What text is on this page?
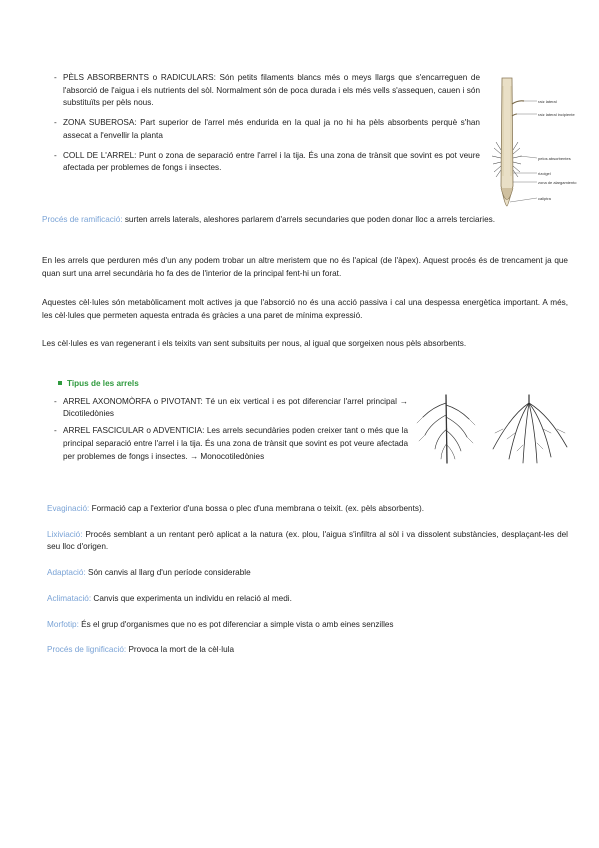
- PÈLS ABSORBERNTS o RADICULARS: Són petits filaments blancs més o meys llargs que s'encarreguen de l'absorció de l'aigua i els nutrients del sòl. Normalment són de poca durada i els més vells s'assequen, cauen i són substituïts per pèls nous.
- ZONA SUBEROSA: Part superior de l'arrel més endurida en la qual ja no hi ha pèls absorbents perquè s'han assecat a l'envellir la planta
- COLL DE L'ARREL: Punt o zona de separació entre l'arrel i la tija. És una zona de trànsit que sovint es pot veure afectada per problemes de fongs i insectes.
raíz lateral
raíz lateral incipiente
pelos absorbentes
rizoigel
zona de alargamiento
caliptra
Procés de ramificació: surten arrels laterals, aleshores parlarem d'arrels secundaries que poden donar lloc a arrels terciaries.
En les arrels que perduren més d'un any podem trobar un altre meristem que no és l'apical (de l'àpex). Aquest procés és de trencament ja que quan surt una arrel secundària ho fa des de l'interior de la principal fent-hi un forat.
Aquestes cèl·lules són metabòlicament molt actives ja que l'absorció no és una acció passiva i cal una despessa energètica important. A més, les cèl·lules que permeten aquesta entrada és gràcies a una paret de mínima expressió.
Les cèl·lules es van regenerant i els teixits van sent subsituits per nous, al igual que sorgeixen nous pèls absorbents.
Tipus de les arrels
- ARREL AXONOMÒRFA o PIVOTANT: Té un eix vertical i es pot diferenciar l'arrel principal → Dicotiledònies
- ARREL FASCICULAR o ADVENTICIA: Les arrels secundàries poden creixer tant o més que la principal separació entre l'arrel i la tija. És una zona de trànsit que sovint es pot veure afectada per problemes de fongs i insectes. → Monocotiledònies
Evaginació: Formació cap a l'exterior d'una bossa o plec d'una membrana o teixit. (ex. pèls absorbents).
Lixiviació: Procés semblant a un rentant però aplicat a la natura (ex. plou, l'aigua s'infiltra al sòl i va dissolent substàncies, desplaçant-les del seu lloc d'origen.
Adaptació: Són canvis al llarg d'un període considerable
Aclimatació: Canvis que experimenta un individu en relació al medi.
Morfotip: És el grup d'organismes que no es pot diferenciar a simple vista o amb eines senzilles
Procés de lignificació: Provoca la mort de la cèl·lula
